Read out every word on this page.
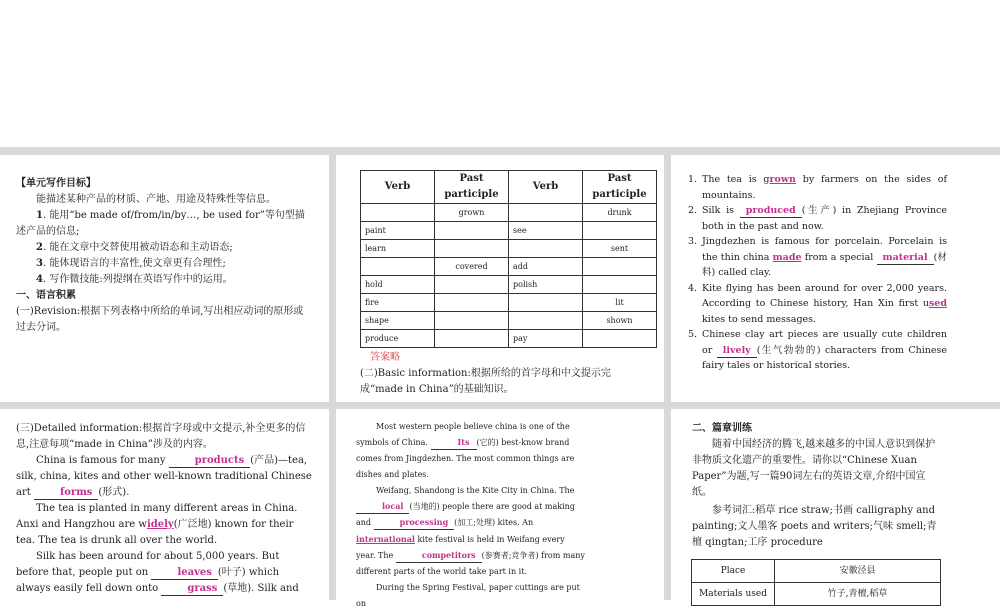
【单元写作目标】

能描述某种产品的材质、产地、用途及特殊性等信息。

1. 能用“be made of/from/in/by…, be used for”等句型描述产品的信息;

2. 能在文章中交替使用被动语态和主动语态;

3. 能体现语言的丰富性,使文章更有合理性;

4. 写作微技能:列提纲在英语写作中的运用。

一、语言积累

(一)Revision:根据下列表格中所给的单词,写出相应动词的原形或过去分词。

Verb	Past participle	Verb	Past participle
	grown		drunk
paint		see	
learn			sent
	covered	add	
hold		polish	
fire			lit
shape			shown
produce		pay	
答案略

(二)Basic information:根据所给的首字母和中文提示完成“made in China”的基础知识。

1. The tea is grown by farmers on the sides of mountains.
2. Silk is produced (生产) in Zhejiang Province both in the past and now.
3. Jingdezhen is famous for porcelain. Porcelain is the thin china made from a special material (材料) called clay.
4. Kite flying has been around for over 2,000 years. According to Chinese history, Han Xin first used kites to send messages.
5. Chinese clay art pieces are usually cute children or lively (生气勃勃的) characters from Chinese fairy tales or historical stories.

(三)Detailed information:根据首字母或中文提示,补全更多的信息,注意每项“made in China”涉及的内容。

China is famous for many	products (产品)—tea, silk, china, kites and other well-known traditional Chinese art	forms (形式).

The tea is planted in many different areas in China. Anxi and Hangzhou are widely(广泛地) known for their tea. The tea is drunk all over the world.

Silk has been around for about 5,000 years. But before that, people put on	leaves (叶子) which always easily fell down onto	grass (草地). Silk and

Most western people believe china is one of the symbols of China.	Its (它的) best-know brand comes from Jingdezhen. The most common things are dishes and plates.

Weifang, Shandong is the Kite City in China. The local (当地的) people there are good at making and	processing (加工;处理) kites. An international kite festival is held in Weifang every year. The	competitors (参赛者;竞争者) from many different parts of the world take part in it.

During the Spring Festival, paper cuttings are put on

二、篇章训练

随着中国经济的腾飞,越来越多的中国人意识到保护非物质文化遗产的重要性。请你以“Chinese Xuan Paper”为题,写一篇90词左右的英语文章,介绍中国宣纸。

参考词汇:稻草 rice straw;书画 calligraphy and painting;文人墨客 poets and writers;气味 smell;青檀 qingtan;工序 procedure

Place	安徽泾县
Materials used	竹子,青檀,稻草
